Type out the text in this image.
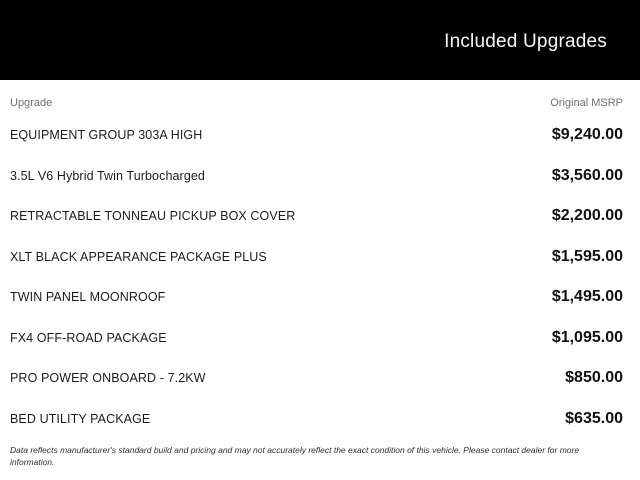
Included Upgrades
Upgrade	Original MSRP
EQUIPMENT GROUP 303A HIGH	$9,240.00
3.5L V6 Hybrid Twin Turbocharged	$3,560.00
RETRACTABLE TONNEAU PICKUP BOX COVER	$2,200.00
XLT BLACK APPEARANCE PACKAGE PLUS	$1,595.00
TWIN PANEL MOONROOF	$1,495.00
FX4 OFF-ROAD PACKAGE	$1,095.00
PRO POWER ONBOARD - 7.2KW	$850.00
BED UTILITY PACKAGE	$635.00
Data reflects manufacturer's standard build and pricing and may not accurately reflect the exact condition of this vehicle. Please contact dealer for more information.
